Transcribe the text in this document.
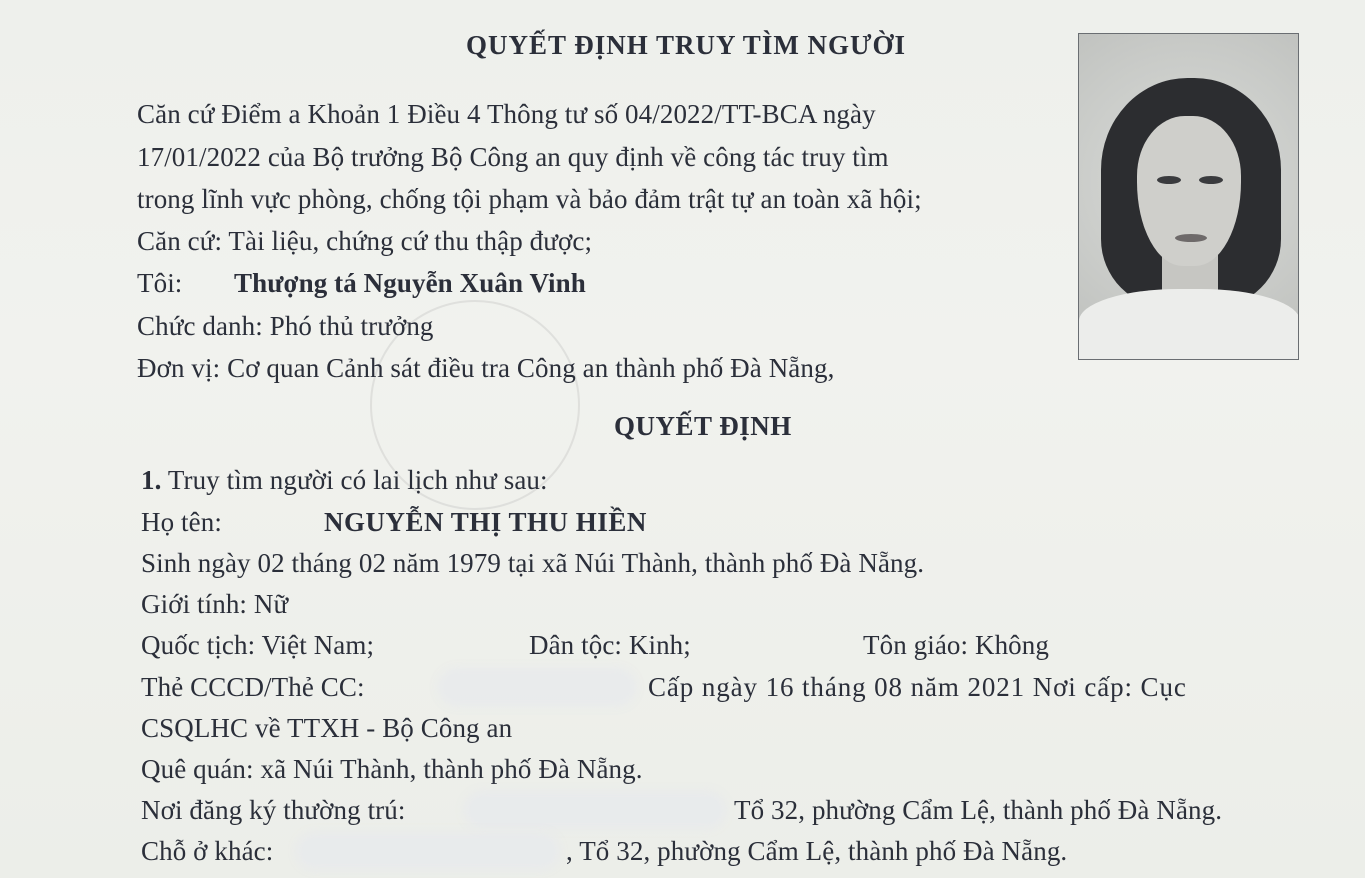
QUYẾT ĐỊNH TRUY TÌM NGƯỜI
Căn cứ Điểm a Khoản 1 Điều 4 Thông tư số 04/2022/TT-BCA ngày
17/01/2022 của Bộ trưởng Bộ Công an quy định về công tác truy tìm
trong lĩnh vực phòng, chống tội phạm và bảo đảm trật tự an toàn xã hội;
Căn cứ: Tài liệu, chứng cứ thu thập được;
Tôi: Thượng tá Nguyễn Xuân Vinh
Chức danh: Phó thủ trưởng
Đơn vị: Cơ quan Cảnh sát điều tra Công an thành phố Đà Nẵng,
QUYẾT ĐỊNH
1. Truy tìm người có lai lịch như sau:
Họ tên:	NGUYỄN THỊ THU HIỀN
Sinh ngày 02 tháng 02 năm 1979 tại xã Núi Thành, thành phố Đà Nẵng.
Giới tính: Nữ
Quốc tịch: Việt Nam;	Dân tộc: Kinh;	Tôn giáo: Không
Thẻ CCCD/Thẻ CC:	Cấp ngày 16 tháng 08 năm 2021 Nơi cấp: Cục
CSQLHC về TTXH - Bộ Công an
Quê quán: xã Núi Thành, thành phố Đà Nẵng.
Nơi đăng ký thường trú:	Tổ 32, phường Cẩm Lệ, thành phố Đà Nẵng.
Chỗ ở khác:	, Tổ 32, phường Cẩm Lệ, thành phố Đà Nẵng.
